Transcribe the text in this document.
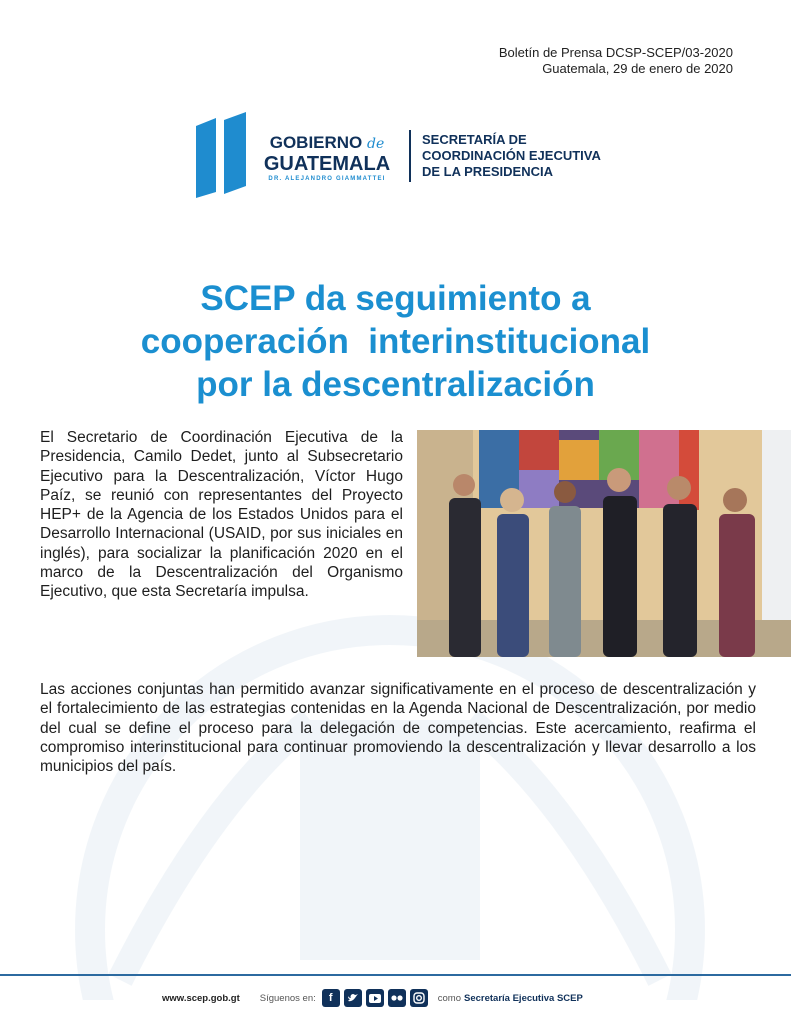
Boletín de Prensa DCSP-SCEP/03-2020
Guatemala, 29 de enero de 2020
GOBIERNO de
GUATEMALA
DR. ALEJANDRO GIAMMATTEI
SECRETARÍA DE
COORDINACIÓN EJECUTIVA
DE LA PRESIDENCIA
SCEP da seguimiento a
cooperación  interinstitucional
por la descentralización

El Secretario de Coordinación Ejecutiva de la Presidencia, Camilo Dedet, junto al Subsecretario Ejecutivo para la Descentralización, Víctor Hugo Paíz, se reunió con representantes del Proyecto HEP+ de la Agencia de los Estados Unidos para el Desarrollo Internacional (USAID, por sus iniciales en inglés), para socializar la planificación 2020 en el marco de la Descentralización del Organismo Ejecutivo, que esta Secretaría impulsa.

Las acciones conjuntas han permitido avanzar significativamente en el proceso de descentralización y el fortalecimiento de las estrategias contenidas en la Agenda Nacional de Descentralización, por medio del cual se define el proceso para la delegación de competencias. Este acercamiento, reafirma el compromiso interinstitucional para continuar promoviendo la descentralización y llevar desarrollo a los municipios del país.

www.scep.gob.gt Síguenos en:	f	como Secretaría Ejecutiva SCEP
